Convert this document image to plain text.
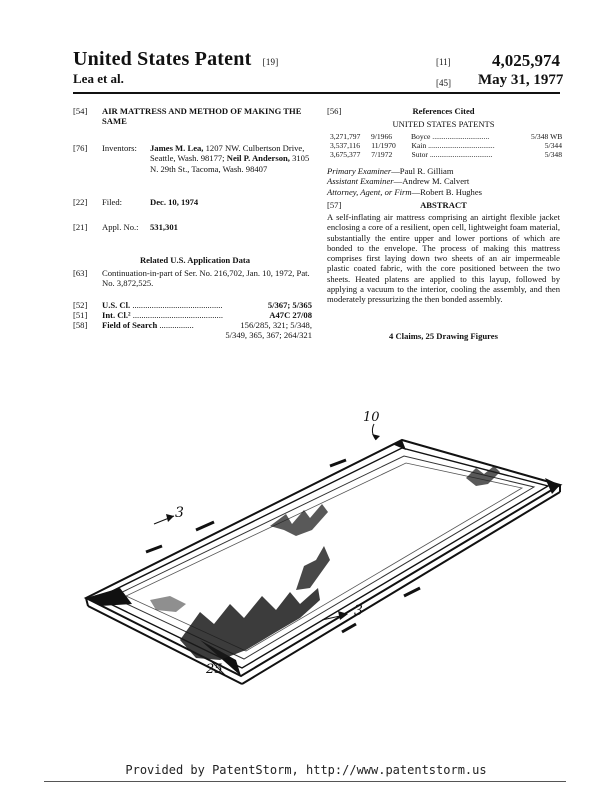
United States Patent [19]
Lea et al.
[11] 4,025,974
[45] May 31, 1977
[54] AIR MATTRESS AND METHOD OF MAKING THE SAME
[76] Inventors: James M. Lea, 1207 NW. Culbertson Drive, Seattle, Wash. 98177; Neil P. Anderson, 3105 N. 29th St., Tacoma, Wash. 98407
[22] Filed:	Dec. 10, 1974
[21] Appl. No.: 531,301
Related U.S. Application Data
[63] Continuation-in-part of Ser. No. 216,702, Jan. 10, 1972, Pat. No. 3,872,525.
[52] U.S. Cl. ..........................................	5/367; 5/365
[51] Int. Cl.² ..........................................	A47C 27/08
[58] Field of Search ................	156/285, 321; 5/348,
5/349, 365, 367; 264/321
[56]	References Cited
UNITED STATES PATENTS
3,271,797	9/1966	Boyce ..............................	5/348 WB
3,537,116	11/1970	Kain ...................................	5/344
3,675,377	7/1972	Sutor .................................	5/348
Primary Examiner—Paul R. Gilliam
Assistant Examiner—Andrew M. Calvert
Attorney, Agent, or Firm—Robert B. Hughes
[57]	ABSTRACT
A self-inflating air mattress comprising an airtight flexible jacket enclosing a core of a resilient, open cell, lightweight foam material, substantially the entire upper and lower portions of which are bonded to the envelope. The process of making this mattress comprises first laying down two sheets of an air impermeable plastic coated fabric, with the core positioned between the two sheets. Heated platens are applied to this layup, followed by applying a vacuum to the interior, cooling the assembly, and then moderately pressurizing the then bonded assembly.
4 Claims, 25 Drawing Figures
10
3
3
25
Provided by PatentStorm, http://www.patentstorm.us
